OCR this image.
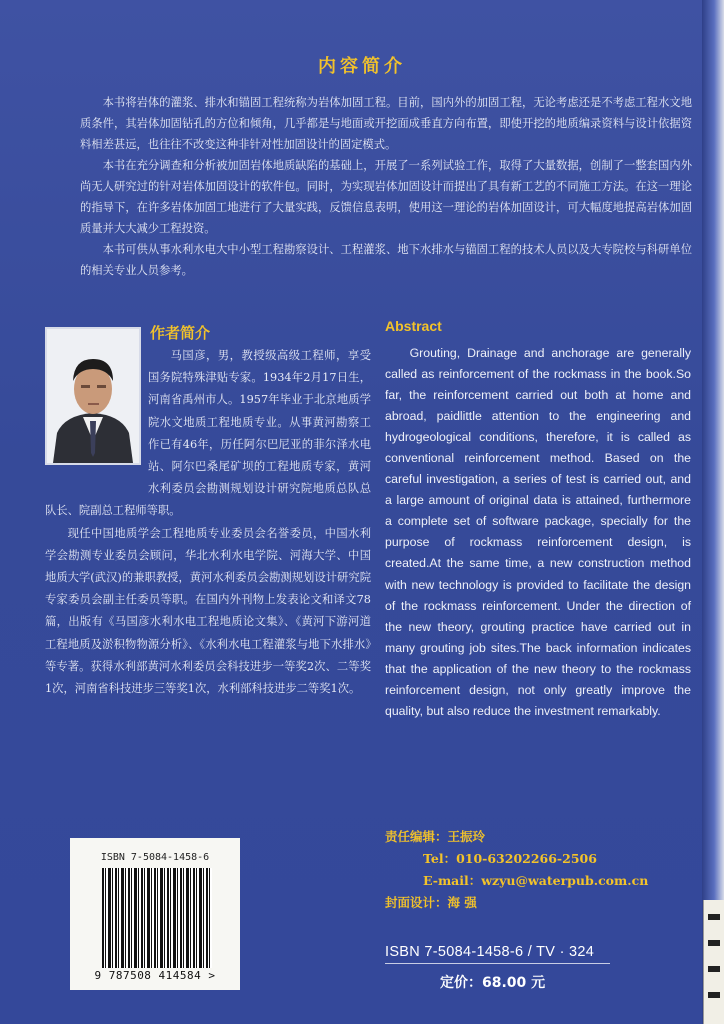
内容简介

本书将岩体的灌浆、排水和锚固工程统称为岩体加固工程。目前，国内外的加固工程，无论考虑还是不考虑工程水文地质条件，其岩体加固钻孔的方位和倾角，几乎都是与地面或开挖面成垂直方向布置，即使开挖的地质编录资料与设计依据资料相差甚远，也往往不改变这种非针对性加固设计的固定模式。

本书在充分调查和分析被加固岩体地质缺陷的基础上，开展了一系列试验工作，取得了大量数据，创制了一整套国内外尚无人研究过的针对岩体加固设计的软件包。同时，为实现岩体加固设计而提出了具有新工艺的不同施工方法。在这一理论的指导下，在许多岩体加固工地进行了大量实践，反馈信息表明，使用这一理论的岩体加固设计，可大幅度地提高岩体加固质量并大大减少工程投资。

本书可供从事水利水电大中小型工程勘察设计、工程灌浆、地下水排水与锚固工程的技术人员以及大专院校与科研单位的相关专业人员参考。

作者简介

马国彦，男，教授级高级工程师，享受国务院特殊津贴专家。1934年2月17日生，河南省禹州市人。1957年毕业于北京地质学院水文地质工程地质专业。从事黄河勘察工作已有46年，历任阿尔巴尼亚的菲尔泽水电站、阿尔巴桑尾矿坝的工程地质专家，黄河水利委员会勘测规划设计研究院地质总队总队长、院副总工程师等职。

现任中国地质学会工程地质专业委员会名誉委员，中国水利学会勘测专业委员会顾问，华北水利水电学院、河海大学、中国地质大学(武汉)的兼职教授，黄河水利委员会勘测规划设计研究院专家委员会副主任委员等职。在国内外刊物上发表论文和译文78篇，出版有《马国彦水利水电工程地质论文集》、《黄河下游河道工程地质及淤积物物源分析》、《水利水电工程灌浆与地下水排水》等专著。获得水利部黄河水利委员会科技进步一等奖2次、二等奖1次，河南省科技进步三等奖1次，水利部科技进步二等奖1次。

Abstract

Grouting, Drainage and anchorage are generally called as reinforcement of the rockmass in the book.So far, the reinforcement carried out both at home and abroad, paidlittle attention to the engineering and hydrogeological conditions, therefore, it is called as conventional reinforcement method. Based on the careful investigation, a series of test is carried out, and a large amount of original data is attained, furthermore a complete set of software package, specially for the purpose of rockmass reinforcement design, is created.At the same time, a new construction method with new technology is provided to facilitate the design of the rockmass reinforcement. Under the direction of the new theory, grouting practice have carried out in many grouting job sites.The back information indicates that the application of the new theory to the rockmass reinforcement design, not only greatly improve the quality, but also reduce the investment remarkably.

ISBN 7-5084-1458-6
9 787508 414584 >
责任编辑：王振玲
Tel：010-63202266-2506
E-mail：wzyu@waterpub.com.cn
封面设计：海 强
ISBN 7-5084-1458-6 / TV · 324
定价：68.00 元
